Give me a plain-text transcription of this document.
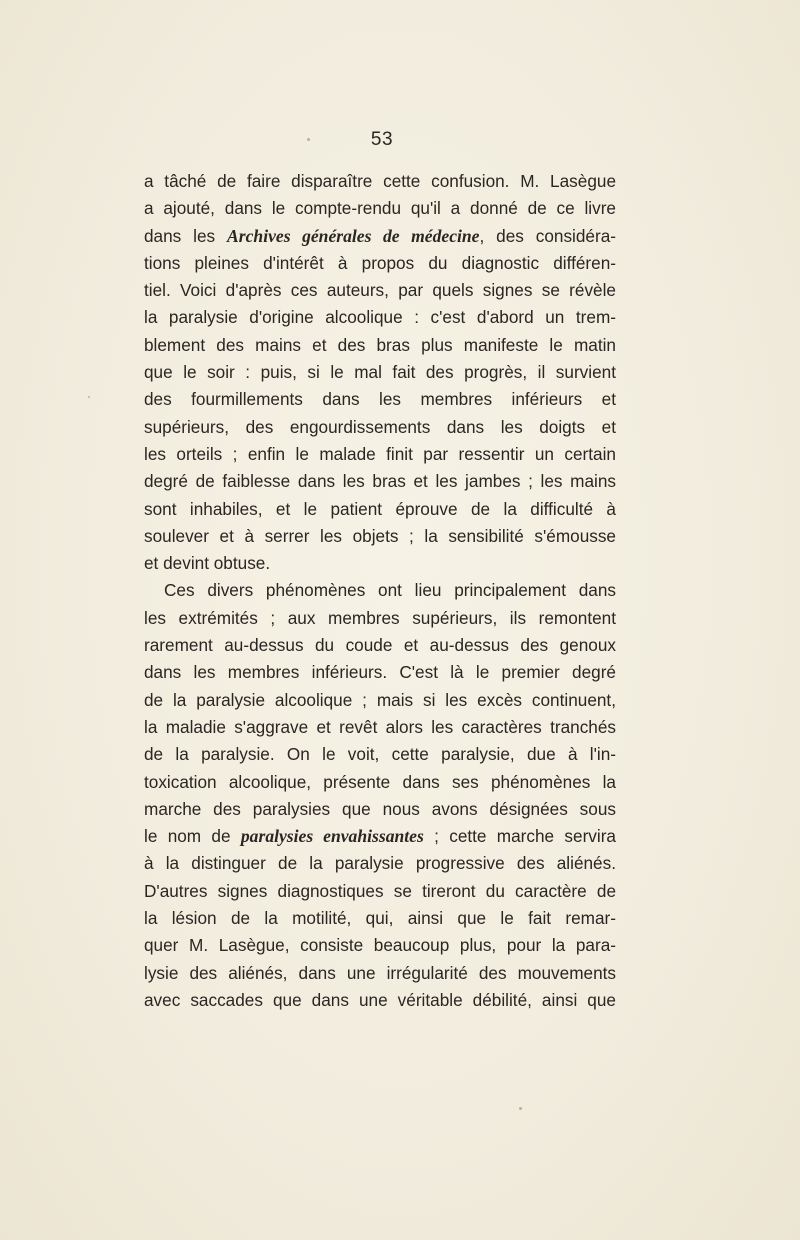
53
a tâché de faire disparaître cette confusion. M. Lasègue
a ajouté, dans le compte-rendu qu'il a donné de ce livre
dans les Archives générales de médecine, des considéra-
tions pleines d'intérêt à propos du diagnostic différen-
tiel. Voici d'après ces auteurs, par quels signes se révèle
la paralysie d'origine alcoolique : c'est d'abord un trem-
blement des mains et des bras plus manifeste le matin
que le soir : puis, si le mal fait des progrès, il survient
des fourmillements dans les membres inférieurs et
supérieurs, des engourdissements dans les doigts et
les orteils ; enfin le malade finit par ressentir un certain
degré de faiblesse dans les bras et les jambes ; les mains
sont inhabiles, et le patient éprouve de la difficulté à
soulever et à serrer les objets ; la sensibilité s'émousse
et devint obtuse.
Ces divers phénomènes ont lieu principalement dans
les extrémités ; aux membres supérieurs, ils remontent
rarement au-dessus du coude et au-dessus des genoux
dans les membres inférieurs. C'est là le premier degré
de la paralysie alcoolique ; mais si les excès continuent,
la maladie s'aggrave et revêt alors les caractères tranchés
de la paralysie. On le voit, cette paralysie, due à l'in-
toxication alcoolique, présente dans ses phénomènes la
marche des paralysies que nous avons désignées sous
le nom de paralysies envahissantes ; cette marche servira
à la distinguer de la paralysie progressive des aliénés.
D'autres signes diagnostiques se tireront du caractère de
la lésion de la motilité, qui, ainsi que le fait remar-
quer M. Lasègue, consiste beaucoup plus, pour la para-
lysie des aliénés, dans une irrégularité des mouvements
avec saccades que dans une véritable débilité, ainsi que
